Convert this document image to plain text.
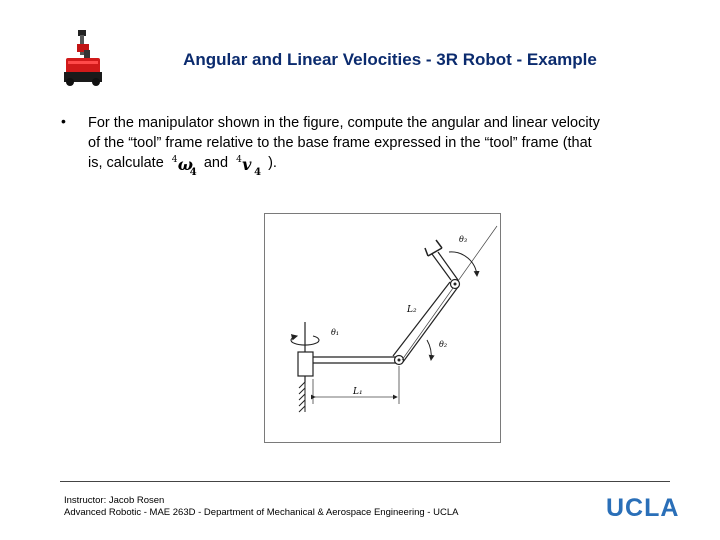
Angular and Linear Velocities - 3R Robot - Example
• For the manipulator shown in the figure, compute the angular and linear velocity
of the “tool” frame relative to the base frame expressed in the “tool” frame (that
is, calculate 4 ω
4
and 4 v 4
).
θ₁
L₁
L₂
θ₂
θ₃
Instructor: Jacob Rosen
Advanced Robotic - MAE 263D - Department of Mechanical & Aerospace Engineering - UCLA	UCLA
